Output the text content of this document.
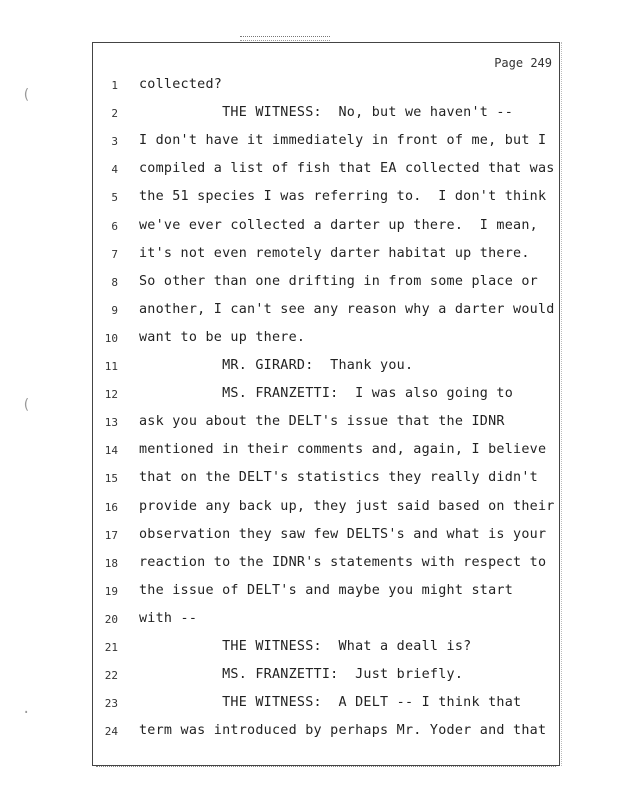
(
(
·
Page 249
1 collected?
2 THE WITNESS:  No, but we haven't --
3 I don't have it immediately in front of me, but I
4 compiled a list of fish that EA collected that was
5 the 51 species I was referring to.  I don't think
6 we've ever collected a darter up there.  I mean,
7 it's not even remotely darter habitat up there.
8 So other than one drifting in from some place or
9 another, I can't see any reason why a darter would
10 want to be up there.
11 MR. GIRARD:  Thank you.
12 MS. FRANZETTI:  I was also going to
13 ask you about the DELT's issue that the IDNR
14 mentioned in their comments and, again, I believe
15 that on the DELT's statistics they really didn't
16 provide any back up, they just said based on their
17 observation they saw few DELTS's and what is your
18 reaction to the IDNR's statements with respect to
19 the issue of DELT's and maybe you might start
20 with --
21 THE WITNESS:  What a deall is?
22 MS. FRANZETTI:  Just briefly.
23 THE WITNESS:  A DELT -- I think that
24 term was introduced by perhaps Mr. Yoder and that
